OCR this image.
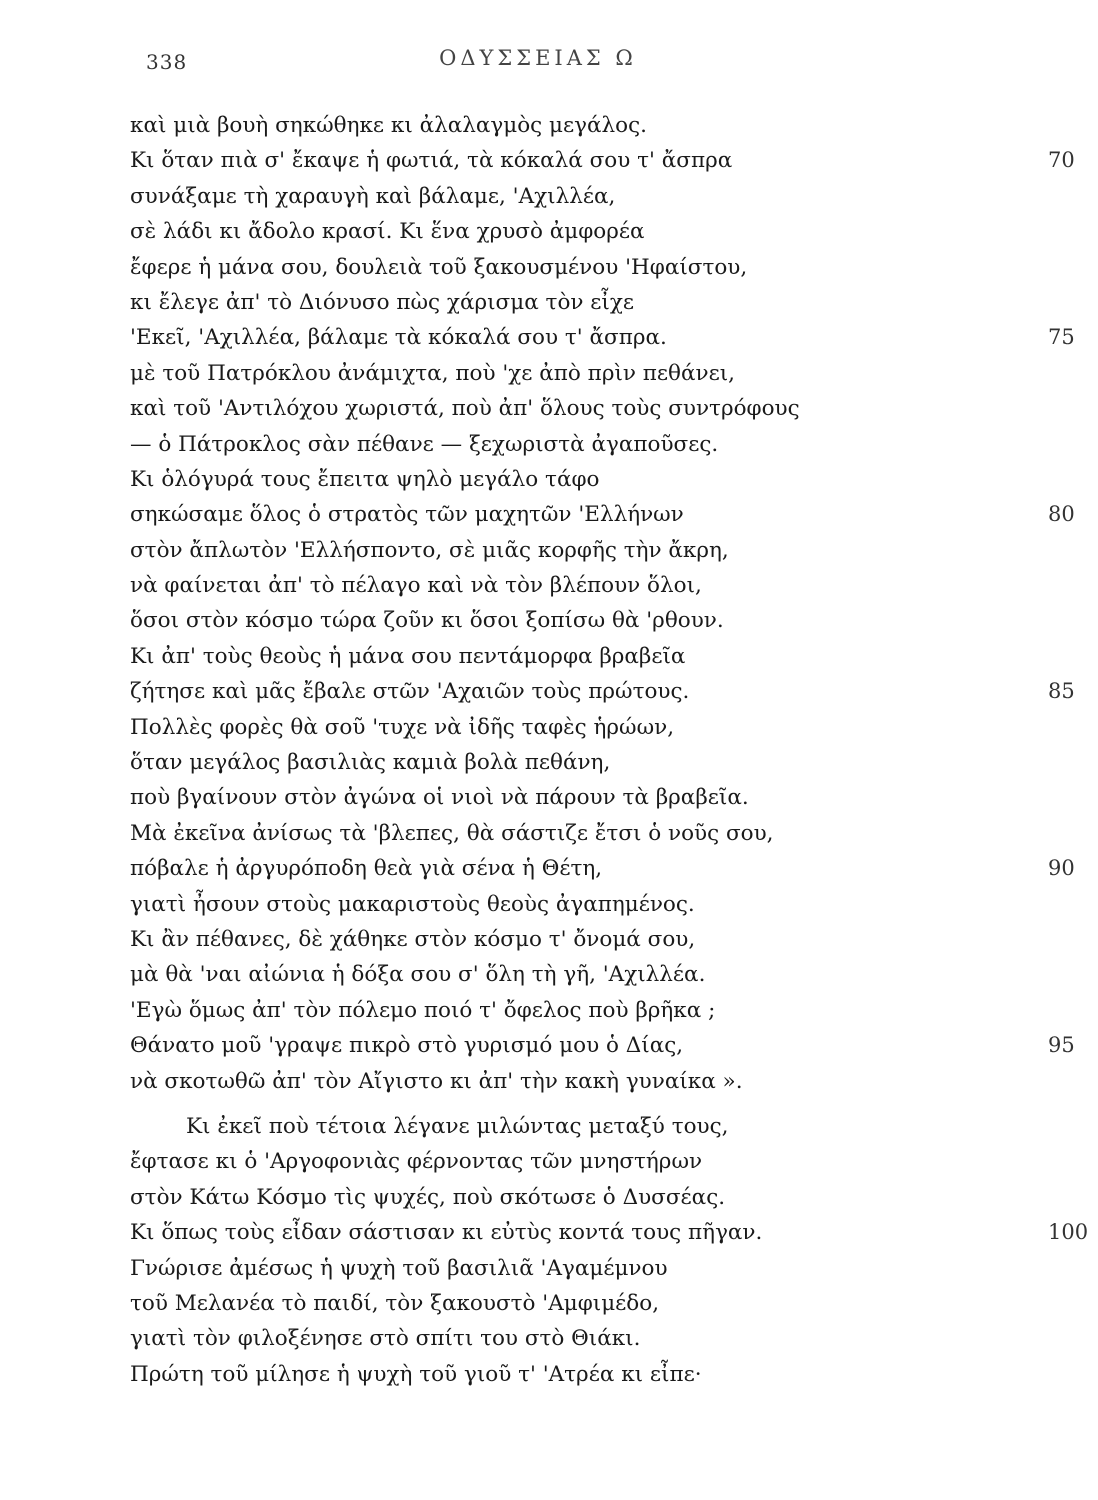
338	ΟΔΥΣΣΕΙΑΣ Ω
καὶ μιὰ βουὴ σηκώθηκε κι ἀλαλαγμὸς μεγάλος.
Κι ὅταν πιὰ σ' ἔκαψε ἡ φωτιά, τὰ κόκαλά σου τ' ἄσπρα	70
συνάξαμε τὴ χαραυγὴ καὶ βάλαμε, 'Αχιλλέα,
σὲ λάδι κι ἄδολο κρασί. Κι ἕνα χρυσὸ ἀμφορέα
ἔφερε ἡ μάνα σου, δουλειὰ τοῦ ξακουσμένου 'Ηφαίστου,
κι ἔλεγε ἀπ' τὸ Διόνυσο πὼς χάρισμα τὸν εἶχε
'Εκεῖ, 'Αχιλλέα, βάλαμε τὰ κόκαλά σου τ' ἄσπρα.	75
μὲ τοῦ Πατρόκλου ἀνάμιχτα, ποὺ 'χε ἀπὸ πρὶν πεθάνει,
καὶ τοῦ 'Αντιλόχου χωριστά, ποὺ ἀπ' ὅλους τοὺς συντρόφους
— ὁ Πάτροκλος σὰν πέθανε — ξεχωριστὰ ἀγαποῦσες.
Κι ὁλόγυρά τους ἔπειτα ψηλὸ μεγάλο τάφο
σηκώσαμε ὅλος ὁ στρατὸς τῶν μαχητῶν 'Ελλήνων	80
στὸν ἄπλωτὸν 'Ελλήσποντο, σὲ μιᾶς κορφῆς τὴν ἄκρη,
νὰ φαίνεται ἀπ' τὸ πέλαγο καὶ νὰ τὸν βλέπουν ὅλοι,
ὅσοι στὸν κόσμο τώρα ζοῦν κι ὅσοι ξοπίσω θὰ 'ρθουν.
Κι ἀπ' τοὺς θεοὺς ἡ μάνα σου πεντάμορφα βραβεῖα
ζήτησε καὶ μᾶς ἔβαλε στῶν 'Αχαιῶν τοὺς πρώτους.	85
Πολλὲς φορὲς θὰ σοῦ 'τυχε νὰ ἰδῆς ταφὲς ἡρώων,
ὅταν μεγάλος βασιλιὰς καμιὰ βολὰ πεθάνη,
ποὺ βγαίνουν στὸν ἀγώνα οἱ νιοὶ νὰ πάρουν τὰ βραβεῖα.
Μὰ ἐκεῖνα ἀνίσως τὰ 'βλεπες, θὰ σάστιζε ἔτσι ὁ νοῦς σου,
πόβαλε ἡ ἀργυρόποδη θεὰ γιὰ σένα ἡ Θέτη,	90
γιατὶ ἦσουν στοὺς μακαριστοὺς θεοὺς ἀγαπημένος.
Κι ἂν πέθανες, δὲ χάθηκε στὸν κόσμο τ' ὄνομά σου,
μὰ θὰ 'ναι αἰώνια ἡ δόξα σου σ' ὅλη τὴ γῆ, 'Αχιλλέα.
'Εγὼ ὅμως ἀπ' τὸν πόλεμο ποιό τ' ὄφελος ποὺ βρῆκα ;
Θάνατο μοῦ 'γραψε πικρὸ στὸ γυρισμό μου ὁ Δίας,	95
νὰ σκοτωθῶ ἀπ' τὸν Αἴγιστο κι ἀπ' τὴν κακὴ γυναίκα ».
Κι ἐκεῖ ποὺ τέτοια λέγανε μιλώντας μεταξύ τους,
ἔφτασε κι ὁ 'Αργοφονιὰς φέρνοντας τῶν μνηστήρων
στὸν Κάτω Κόσμο τὶς ψυχές, ποὺ σκότωσε ὁ Δυσσέας.
Κι ὅπως τοὺς εἶδαν σάστισαν κι εὐτὺς κοντά τους πῆγαν.	100
Γνώρισε ἀμέσως ἡ ψυχὴ τοῦ βασιλιᾶ 'Αγαμέμνου
τοῦ Μελανέα τὸ παιδί, τὸν ξακουστὸ 'Αμφιμέδο,
γιατὶ τὸν φιλοξένησε στὸ σπίτι του στὸ Θιάκι.
Πρώτη τοῦ μίλησε ἡ ψυχὴ τοῦ γιοῦ τ' 'Ατρέα κι εἶπε·
